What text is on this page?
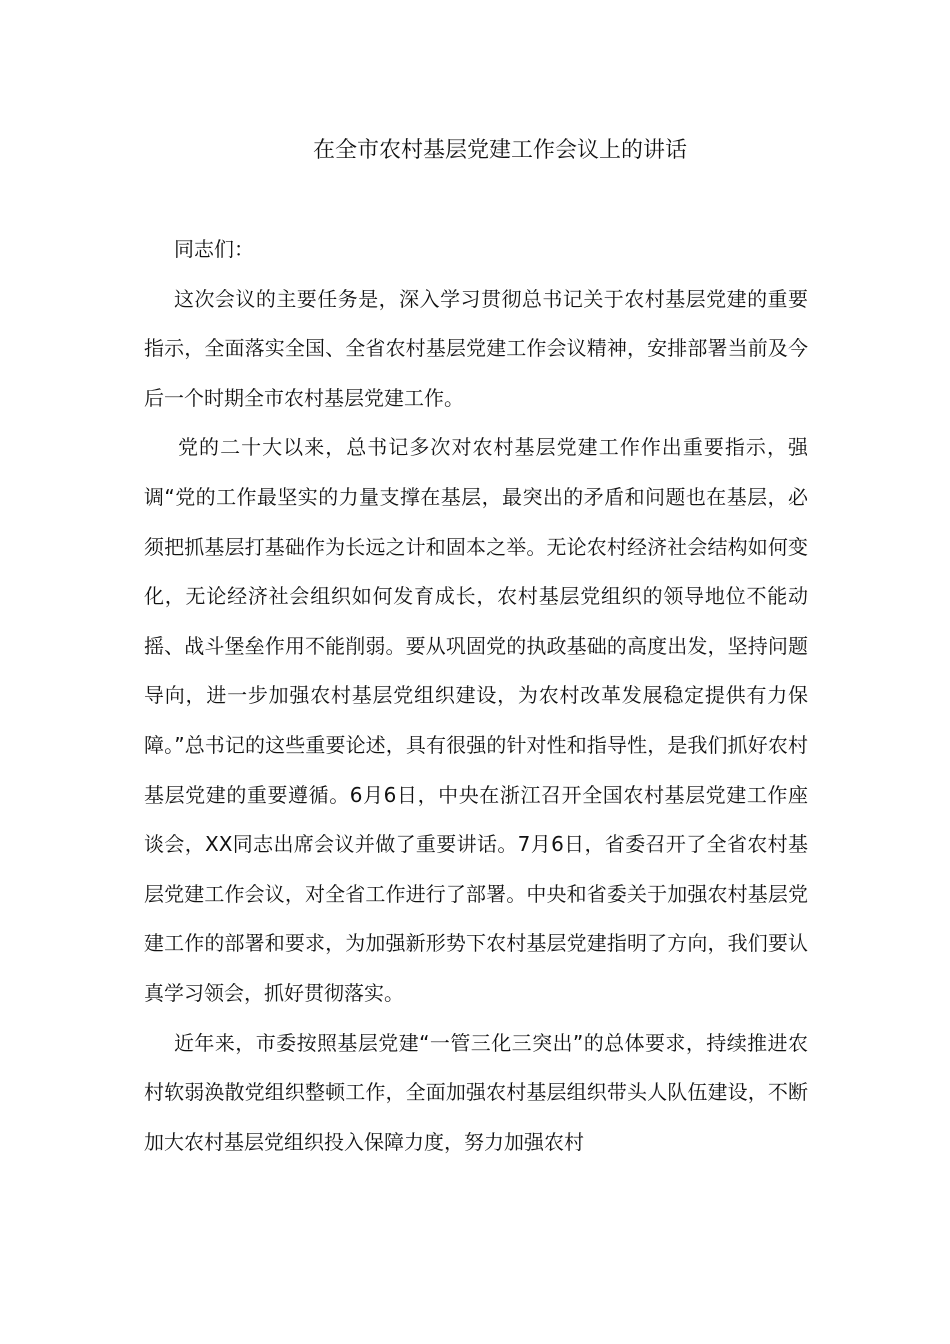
在全市农村基层党建工作会议上的讲话

同志们：

这次会议的主要任务是，深入学习贯彻总书记关于农村基层党建的重要指示，全面落实全国、全省农村基层党建工作会议精神，安排部署当前及今后一个时期全市农村基层党建工作。

党的二十大以来，总书记多次对农村基层党建工作作出重要指示，强调“党的工作最坚实的力量支撑在基层，最突出的矛盾和问题也在基层，必须把抓基层打基础作为长远之计和固本之举。无论农村经济社会结构如何变化，无论经济社会组织如何发育成长，农村基层党组织的领导地位不能动摇、战斗堡垒作用不能削弱。要从巩固党的执政基础的高度出发，坚持问题导向，进一步加强农村基层党组织建设，为农村改革发展稳定提供有力保障。”总书记的这些重要论述，具有很强的针对性和指导性，是我们抓好农村基层党建的重要遵循。6月6日，中央在浙江召开全国农村基层党建工作座谈会，XX同志出席会议并做了重要讲话。7月6日，省委召开了全省农村基层党建工作会议，对全省工作进行了部署。中央和省委关于加强农村基层党建工作的部署和要求，为加强新形势下农村基层党建指明了方向，我们要认真学习领会，抓好贯彻落实。

近年来，市委按照基层党建“一管三化三突出”的总体要求，持续推进农村软弱涣散党组织整顿工作，全面加强农村基层组织带头人队伍建设，不断加大农村基层党组织投入保障力度，努力加强农村
